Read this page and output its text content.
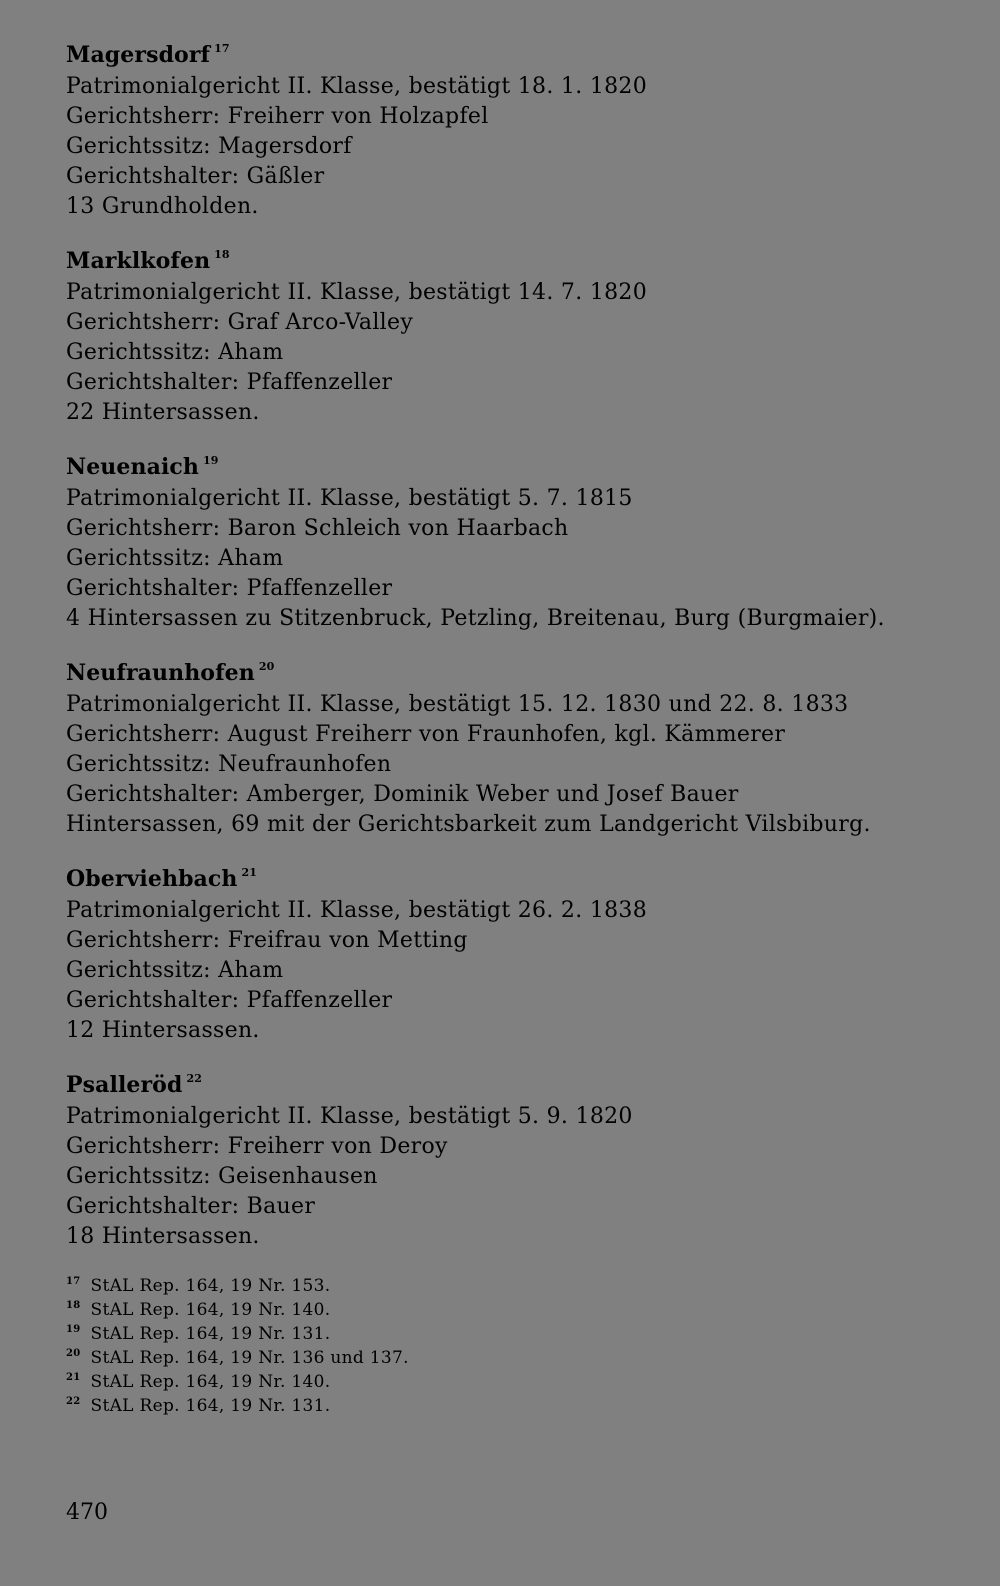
Magersdorf $^{17}$

Patrimonialgericht II. Klasse, bestätigt 18. 1. 1820

Gerichtsherr: Freiherr von Holzapfel

Gerichtssitz: Magersdorf

Gerichtshalter: Gäßler

13 Grundholden.

Marklkofen $^{18}$

Patrimonialgericht II. Klasse, bestätigt 14. 7. 1820

Gerichtsherr: Graf Arco-Valley

Gerichtssitz: Aham

Gerichtshalter: Pfaffenzeller

22 Hintersassen.

Neuenaich $^{19}$

Patrimonialgericht II. Klasse, bestätigt 5. 7. 1815

Gerichtsherr: Baron Schleich von Haarbach

Gerichtssitz: Aham

Gerichtshalter: Pfaffenzeller

4 Hintersassen zu Stitzenbruck, Petzling, Breitenau, Burg (Burgmaier).

Neufraunhofen $^{20}$

Patrimonialgericht II. Klasse, bestätigt 15. 12. 1830 und 22. 8. 1833

Gerichtsherr: August Freiherr von Fraunhofen, kgl. Kämmerer

Gerichtssitz: Neufraunhofen

Gerichtshalter: Amberger, Dominik Weber und Josef Bauer

Hintersassen, 69 mit der Gerichtsbarkeit zum Landgericht Vilsbiburg.

Oberviehbach $^{21}$

Patrimonialgericht II. Klasse, bestätigt 26. 2. 1838

Gerichtsherr: Freifrau von Metting

Gerichtssitz: Aham

Gerichtshalter: Pfaffenzeller

12 Hintersassen.

Psalleröd $^{22}$

Patrimonialgericht II. Klasse, bestätigt 5. 9. 1820

Gerichtsherr: Freiherr von Deroy

Gerichtssitz: Geisenhausen

Gerichtshalter: Bauer

18 Hintersassen.

$^{17}$ StAL Rep. 164, 19 Nr. 153.

$^{18}$ StAL Rep. 164, 19 Nr. 140.

$^{19}$ StAL Rep. 164, 19 Nr. 131.

$^{20}$ StAL Rep. 164, 19 Nr. 136 und 137.

$^{21}$ StAL Rep. 164, 19 Nr. 140.

$^{22}$ StAL Rep. 164, 19 Nr. 131.

470
